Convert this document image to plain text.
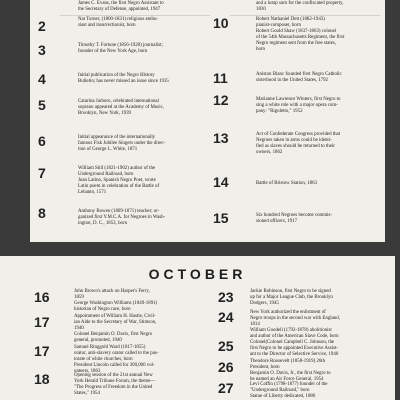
James C. Evans, the first Negro Assistant to
the Secretary of Defense, appointed, 1947
2	Nat Turner, (1800-1831) religious enthu-
siast and insurrectionist, born
3	Timothy T. Fortune (1856-1928) journalist;
founder of the New York Age, born
4	Initial publication of the Negro History
Bulletin; has never missed an issue since 1935
5	Catarina Jarboro, celebrated international
soprano appeared at the Academy of Music,
Brooklyn, New York, 1939
6	Initial appearance of the internationally
famous Fisk Jubilee Singers under the direc-
tion of George L. White, 1871
7	William Still (1821-1902) author of the
Underground Railroad, born
Juan Latino, Spanish Negro Poet, wrote
Latin poem in celebration of the Battle of
Lebanto, 1571
8	Anthony Bowen (1809-1871) teacher; or-
ganized first Y.M.C.A. for Negroes in Wash-
ington, D. C., 1853, born
and a lump sum for the confiscated property,
1830
10	Robert Nathaniel Dett (1882-1943)
pianist-composer, born
Robert Gould Shaw (1837-1863) colonel
of the 54th Massachusetts Regiment, the first
Negro regiment sent from the free states,
born
11	Aniston Blanc founded first Negro Catholic
sisterhood in the United States, 1792
12	Marianne Lawrence Winters, first Negro to
sing a white role with a major opera com-
pany: "Rigoletto," 1952
13	Act of Confederate Congress provided that
Negroes taken in arms could be identi-
fied as slaves should be returned to their
owners, 1862
14	Battle of Bristow Station, 1863
15	Six hundred Negroes become commis-
sioned officers, 1917
OCTOBER
16	John Brown's attack on Harper's Ferry,
1859
George Washington Williams (1849-1891)
historian of Negro race, born
17	Appointment of William H. Hastie, Civil-
ian Aide to the Secretary of War, Stimson,
1940
Colonel Benjamin O. Davis, first Negro
general, promoted, 1940
17	Samuel Ringgold Ward (1817-1855)
orator, anti-slavery orator called to the pas-
torate of white churches, born
President Lincoln called for 300,000 vol-
unteers, 1863
18	Opening session of the 21st annual New
York Herald Tribune Forum, the theme—
"The Progress of Freedom in the United
States," 1954
23	Jackie Robinson, first Negro to be signed
up for a Major League Club, the Brooklyn
Dodgers, 1945
24	New York authorized the enlistment of
Negro troops in the second war with England,
1814
William Goodell (1792-1878) abolitionist
and author of the American Slave Code, born
25	Colonel(Colonel Campbell C. Johnson, the
first Negro to be appointed Executive Assist-
ant to the Director of Selective Service, 1940
26	Theodore Roosevelt (1858-1919) 26th
President, born
Benjamin O. Davis, Jr., the first Negro to
be named an Air Force General, 1954
27	Levi Coffin (1798-1877) founder of the
"Underground Railroad," born
Statue of Liberty dedicated, 1886
